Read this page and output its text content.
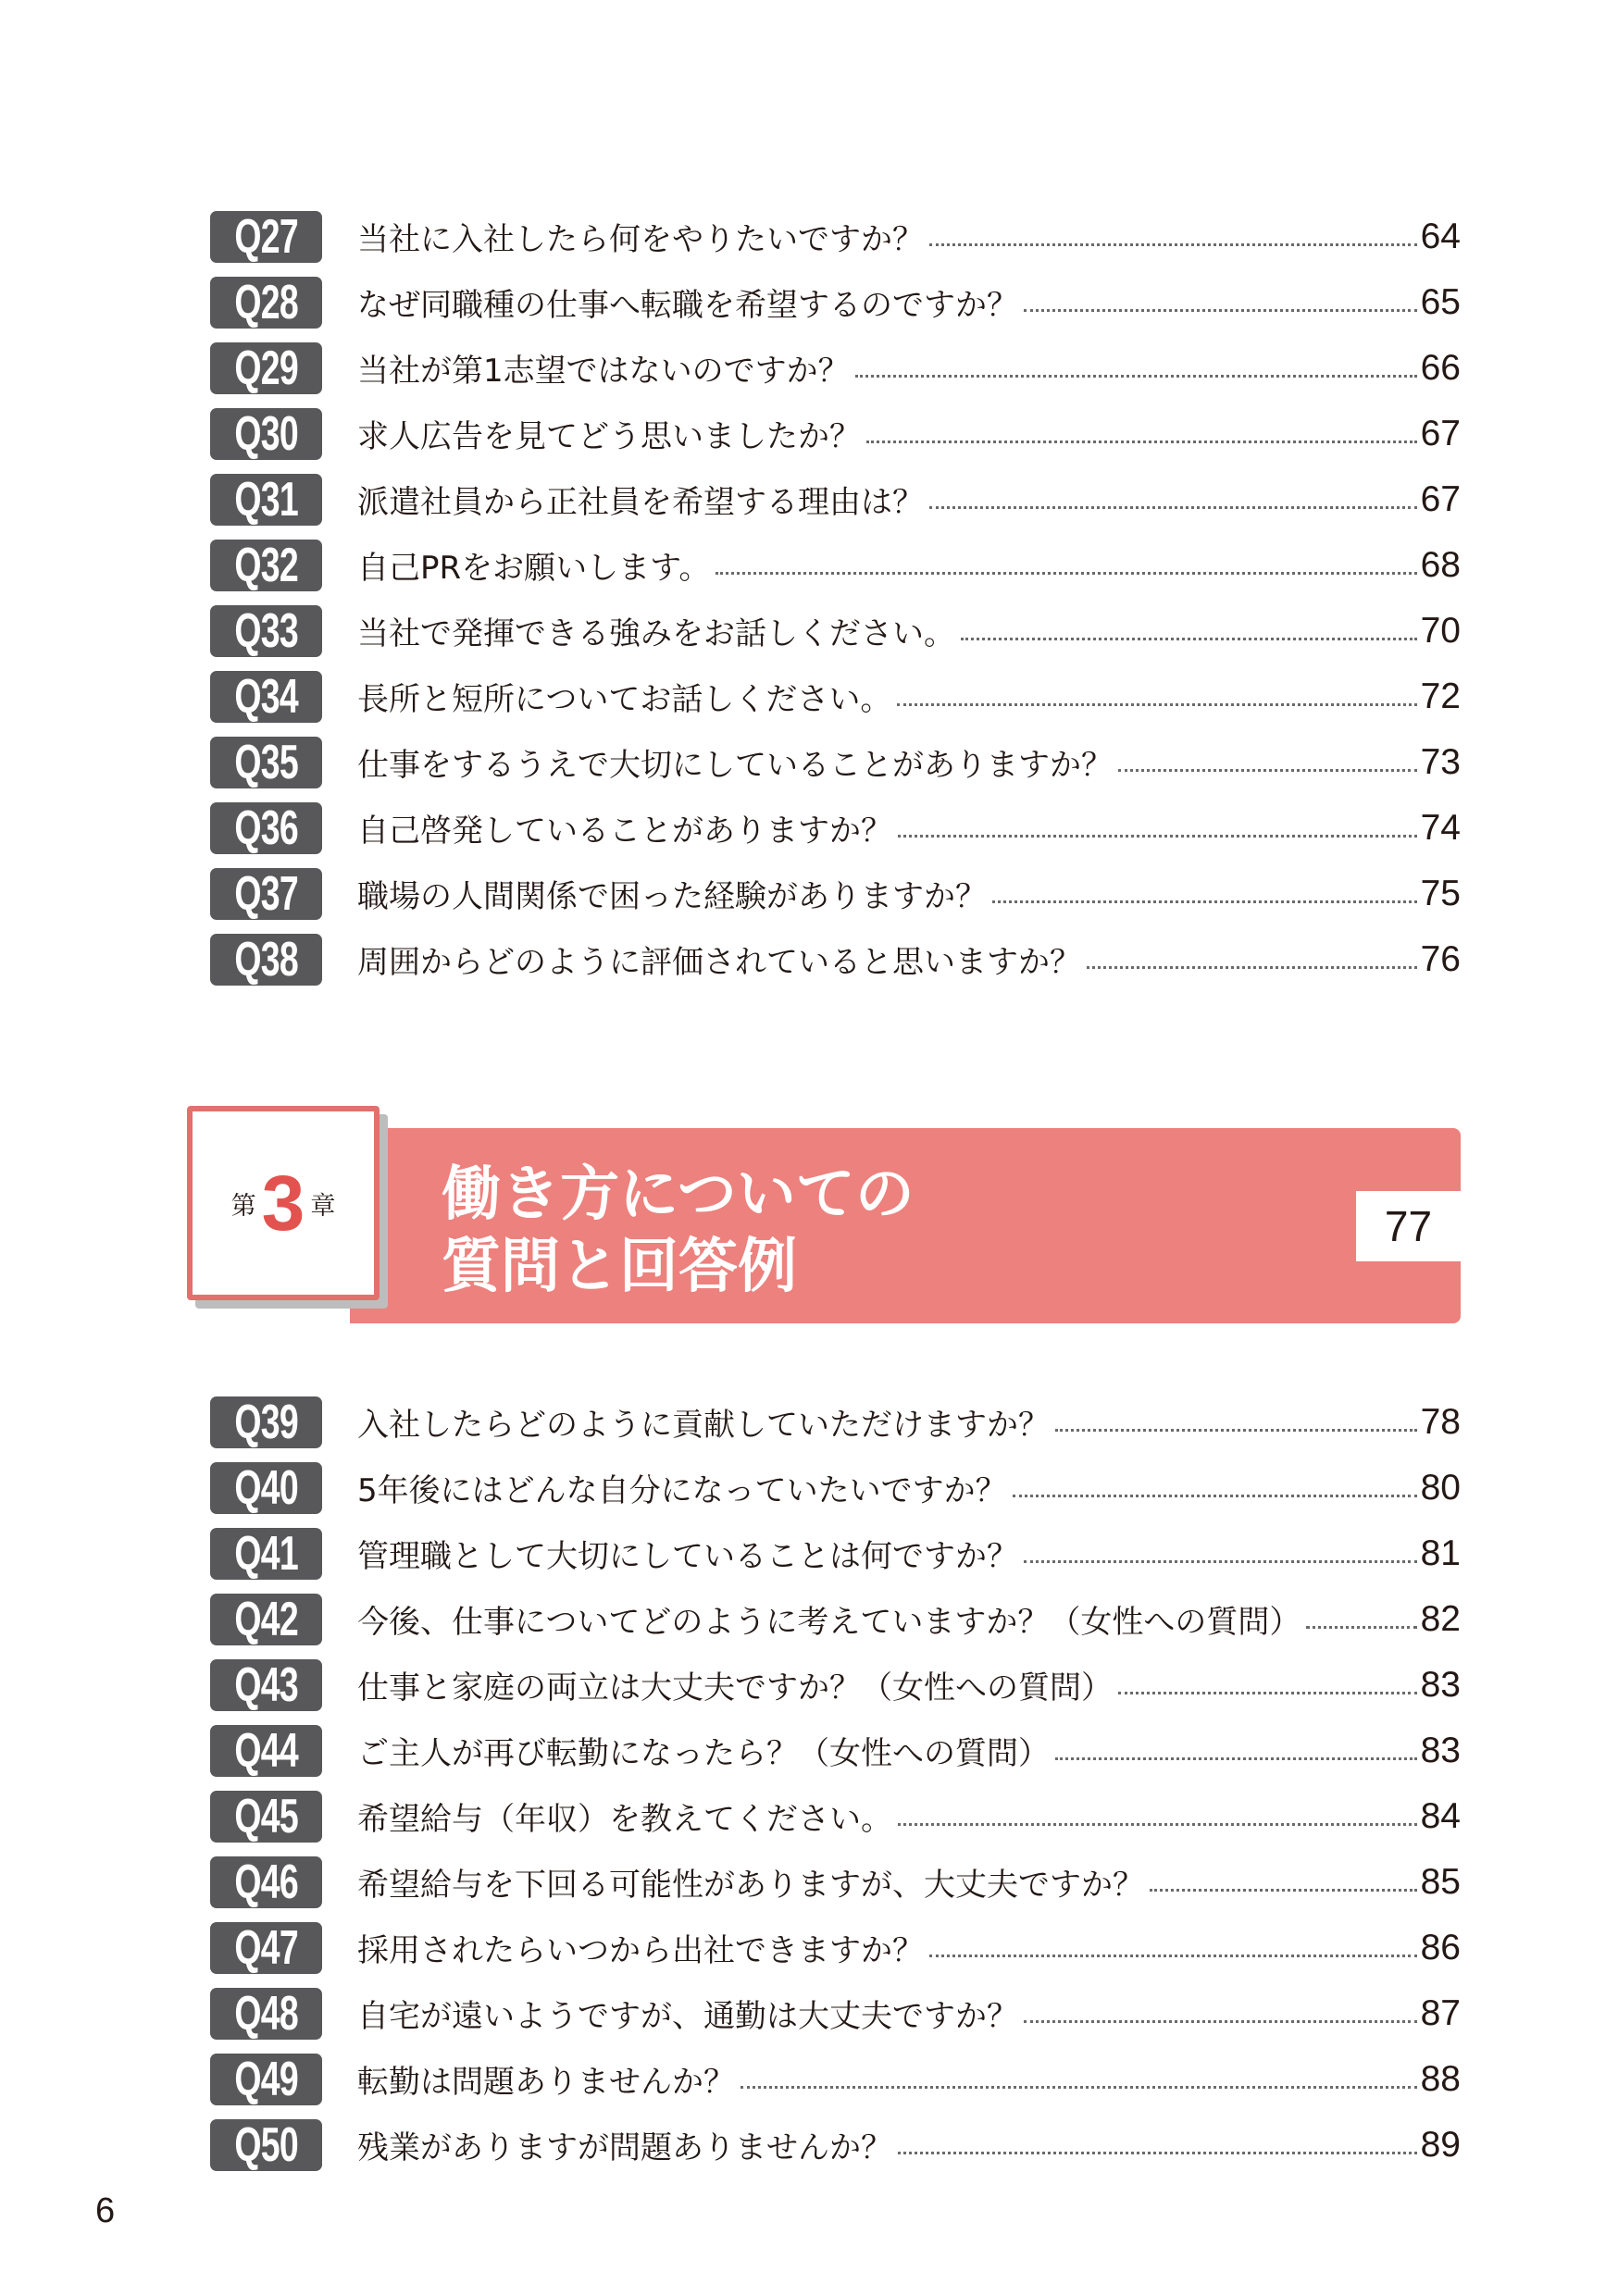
Q27 当社に入社したら何をやりたいですか？	64
Q28 なぜ同職種の仕事へ転職を希望するのですか？	65
Q29 当社が第1志望ではないのですか？	66
Q30 求人広告を見てどう思いましたか？	67
Q31 派遣社員から正社員を希望する理由は？	67
Q32 自己PRをお願いします。	68
Q33 当社で発揮できる強みをお話しください。	70
Q34 長所と短所についてお話しください。	72
Q35 仕事をするうえで大切にしていることがありますか？	73
Q36 自己啓発していることがありますか？	74
Q37 職場の人間関係で困った経験がありますか？	75
Q38 周囲からどのように評価されていると思いますか？	76
第 3 章 働き方についての
質問と回答例
77
Q39 入社したらどのように貢献していただけますか？	78
Q40 5年後にはどんな自分になっていたいですか？	80
Q41 管理職として大切にしていることは何ですか？	81
Q42 今後、仕事についてどのように考えていますか？（女性への質問）	82
Q43 仕事と家庭の両立は大丈夫ですか？（女性への質問）	83
Q44 ご主人が再び転勤になったら？（女性への質問）	83
Q45 希望給与（年収）を教えてください。	84
Q46 希望給与を下回る可能性がありますが、大丈夫ですか？	85
Q47 採用されたらいつから出社できますか？	86
Q48 自宅が遠いようですが、通勤は大丈夫ですか？	87
Q49 転勤は問題ありませんか？	88
Q50 残業がありますが問題ありませんか？	89
6
